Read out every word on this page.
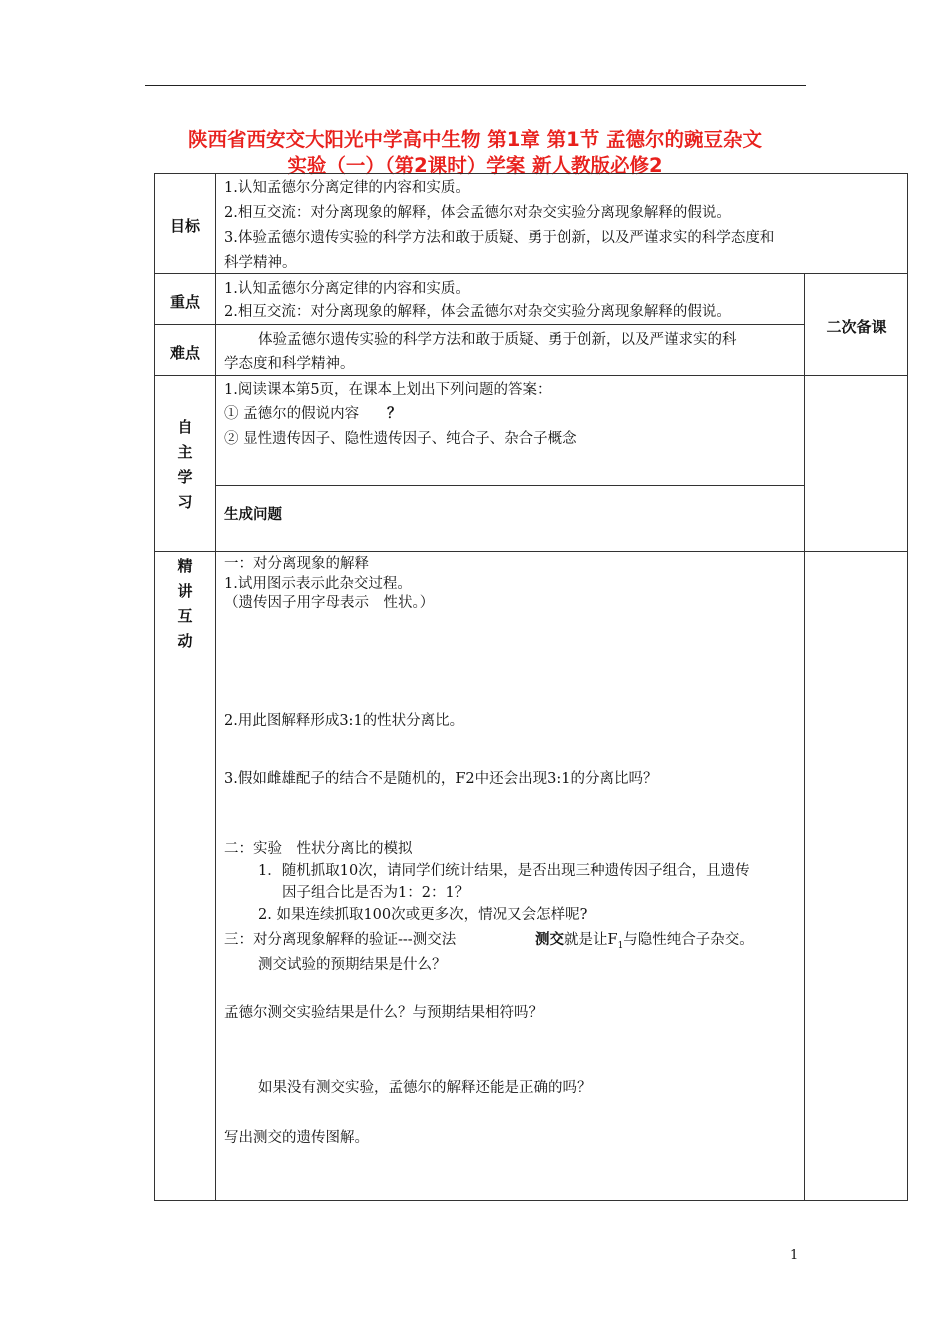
陕西省西安交大阳光中学高中生物 第1章 第1节 孟德尔的豌豆杂文
实验（一）（第2课时）学案 新人教版必修2
目标
1.认知孟德尔分离定律的内容和实质。
2.相互交流：对分离现象的解释，体会孟德尔对杂交实验分离现象解释的假说。
3.体验孟德尔遗传实验的科学方法和敢于质疑、勇于创新，以及严谨求实的科学态度和
科学精神。
重点
1.认知孟德尔分离定律的内容和实质。
2.相互交流：对分离现象的解释，体会孟德尔对杂交实验分离现象解释的假说。
难点
体验孟德尔遗传实验的科学方法和敢于质疑、勇于创新，以及严谨求实的科
学态度和科学精神。
二次备课
自
主
学
习
1.阅读课本第5页，在课本上划出下列问题的答案：
① 孟德尔的假说内容 ？
② 显性遗传因子、隐性遗传因子、纯合子、杂合子概念
生成问题
精
讲
互
动
一：对分离现象的解释
1.试用图示表示此杂交过程。
（遗传因子用字母表示　性状。）
2.用此图解释形成3:1的性状分离比。
3.假如雌雄配子的结合不是随机的，F2中还会出现3:1的分离比吗？
二：实验　性状分离比的模拟
1．随机抓取10次，请同学们统计结果，是否出现三种遗传因子组合，且遗传
因子组合比是否为1：2：1？
2. 如果连续抓取100次或更多次，情况又会怎样呢?
三：对分离现象解释的验证---测交法	测交就是让$F_1$与隐性纯合子杂交。
测交试验的预期结果是什么？
孟德尔测交实验结果是什么？与预期结果相符吗？
如果没有测交实验，孟德尔的解释还能是正确的吗？
写出测交的遗传图解。
1
